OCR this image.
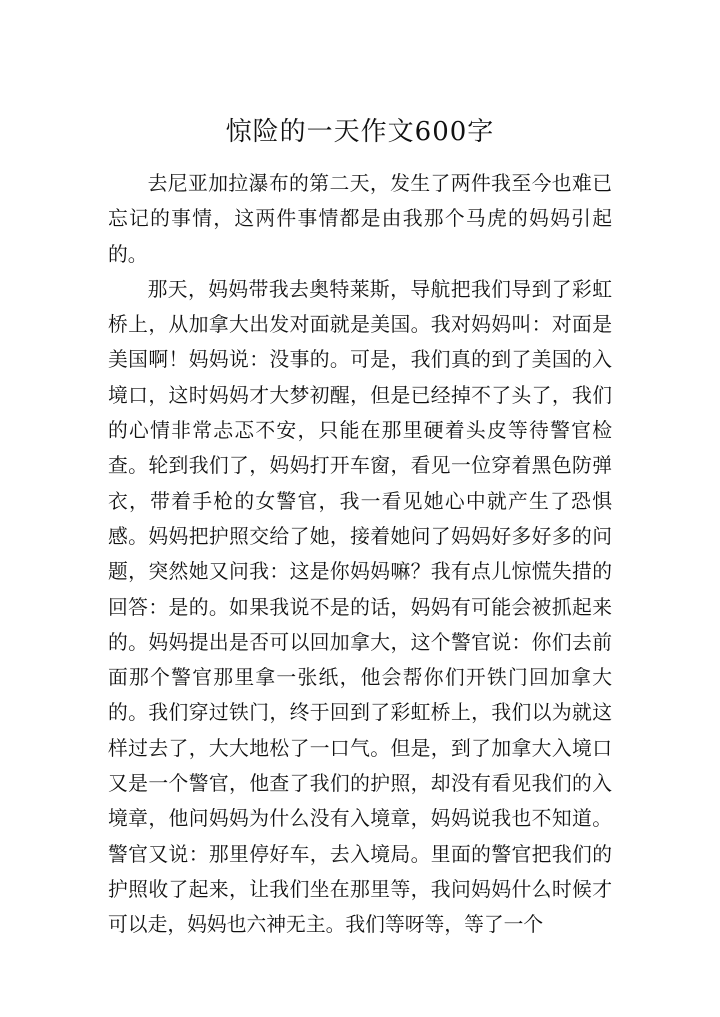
惊险的一天作文600字

去尼亚加拉瀑布的第二天，发生了两件我至今也难已忘记的事情，这两件事情都是由我那个马虎的妈妈引起的。

那天，妈妈带我去奥特莱斯，导航把我们导到了彩虹桥上，从加拿大出发对面就是美国。我对妈妈叫：对面是美国啊！妈妈说：没事的。可是，我们真的到了美国的入境口，这时妈妈才大梦初醒，但是已经掉不了头了，我们的心情非常忐忑不安，只能在那里硬着头皮等待警官检查。轮到我们了，妈妈打开车窗，看见一位穿着黑色防弹衣，带着手枪的女警官，我一看见她心中就产生了恐惧感。妈妈把护照交给了她，接着她问了妈妈好多好多的问题，突然她又问我：这是你妈妈嘛？我有点儿惊慌失措的回答：是的。如果我说不是的话，妈妈有可能会被抓起来的。妈妈提出是否可以回加拿大，这个警官说：你们去前面那个警官那里拿一张纸，他会帮你们开铁门回加拿大的。我们穿过铁门，终于回到了彩虹桥上，我们以为就这样过去了，大大地松了一口气。但是，到了加拿大入境口又是一个警官，他查了我们的护照，却没有看见我们的入境章，他问妈妈为什么没有入境章，妈妈说我也不知道。警官又说：那里停好车，去入境局。里面的警官把我们的护照收了起来，让我们坐在那里等，我问妈妈什么时候才可以走，妈妈也六神无主。我们等呀等，等了一个
